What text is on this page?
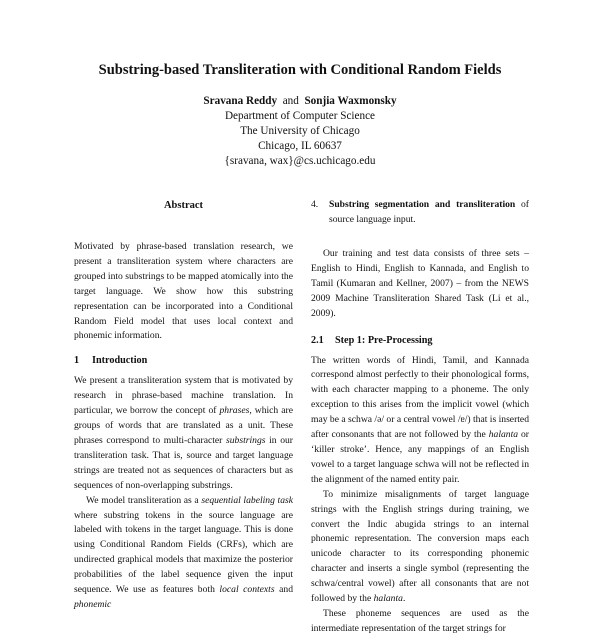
Substring-based Transliteration with Conditional Random Fields
Sravana Reddy and Sonjia Waxmonsky
Department of Computer Science
The University of Chicago
Chicago, IL 60637
{sravana, wax}@cs.uchicago.edu
Abstract

Motivated by phrase-based translation research, we present a transliteration system where characters are grouped into substrings to be mapped atomically into the target language. We show how this substring representation can be incorporated into a Conditional Random Field model that uses local context and phonemic information.

1 Introduction

We present a transliteration system that is motivated by research in phrase-based machine translation. In particular, we borrow the concept of phrases, which are groups of words that are translated as a unit. These phrases correspond to multi-character substrings in our transliteration task. That is, source and target language strings are treated not as sequences of characters but as sequences of non-overlapping substrings.

We model transliteration as a sequential labeling task where substring tokens in the source language are labeled with tokens in the target language. This is done using Conditional Random Fields (CRFs), which are undirected graphical models that maximize the posterior probabilities of the label sequence given the input sequence. We use as features both local contexts and phonemic

4.	Substring segmentation and transliteration of source language input.

Our training and test data consists of three sets – English to Hindi, English to Kannada, and English to Tamil (Kumaran and Kellner, 2007) – from the NEWS 2009 Machine Transliteration Shared Task (Li et al., 2009).

2.1 Step 1: Pre-Processing

The written words of Hindi, Tamil, and Kannada correspond almost perfectly to their phonological forms, with each character mapping to a phoneme. The only exception to this arises from the implicit vowel (which may be a schwa /ə/ or a central vowel /ɐ/) that is inserted after consonants that are not followed by the halanta or ‘killer stroke’. Hence, any mappings of an English vowel to a target language schwa will not be reflected in the alignment of the named entity pair.

To minimize misalignments of target language strings with the English strings during training, we convert the Indic abugida strings to an internal phonemic representation. The conversion maps each unicode character to its corresponding phonemic character and inserts a single symbol (representing the schwa/central vowel) after all consonants that are not followed by the halanta.

These phoneme sequences are used as the intermediate representation of the target strings for
